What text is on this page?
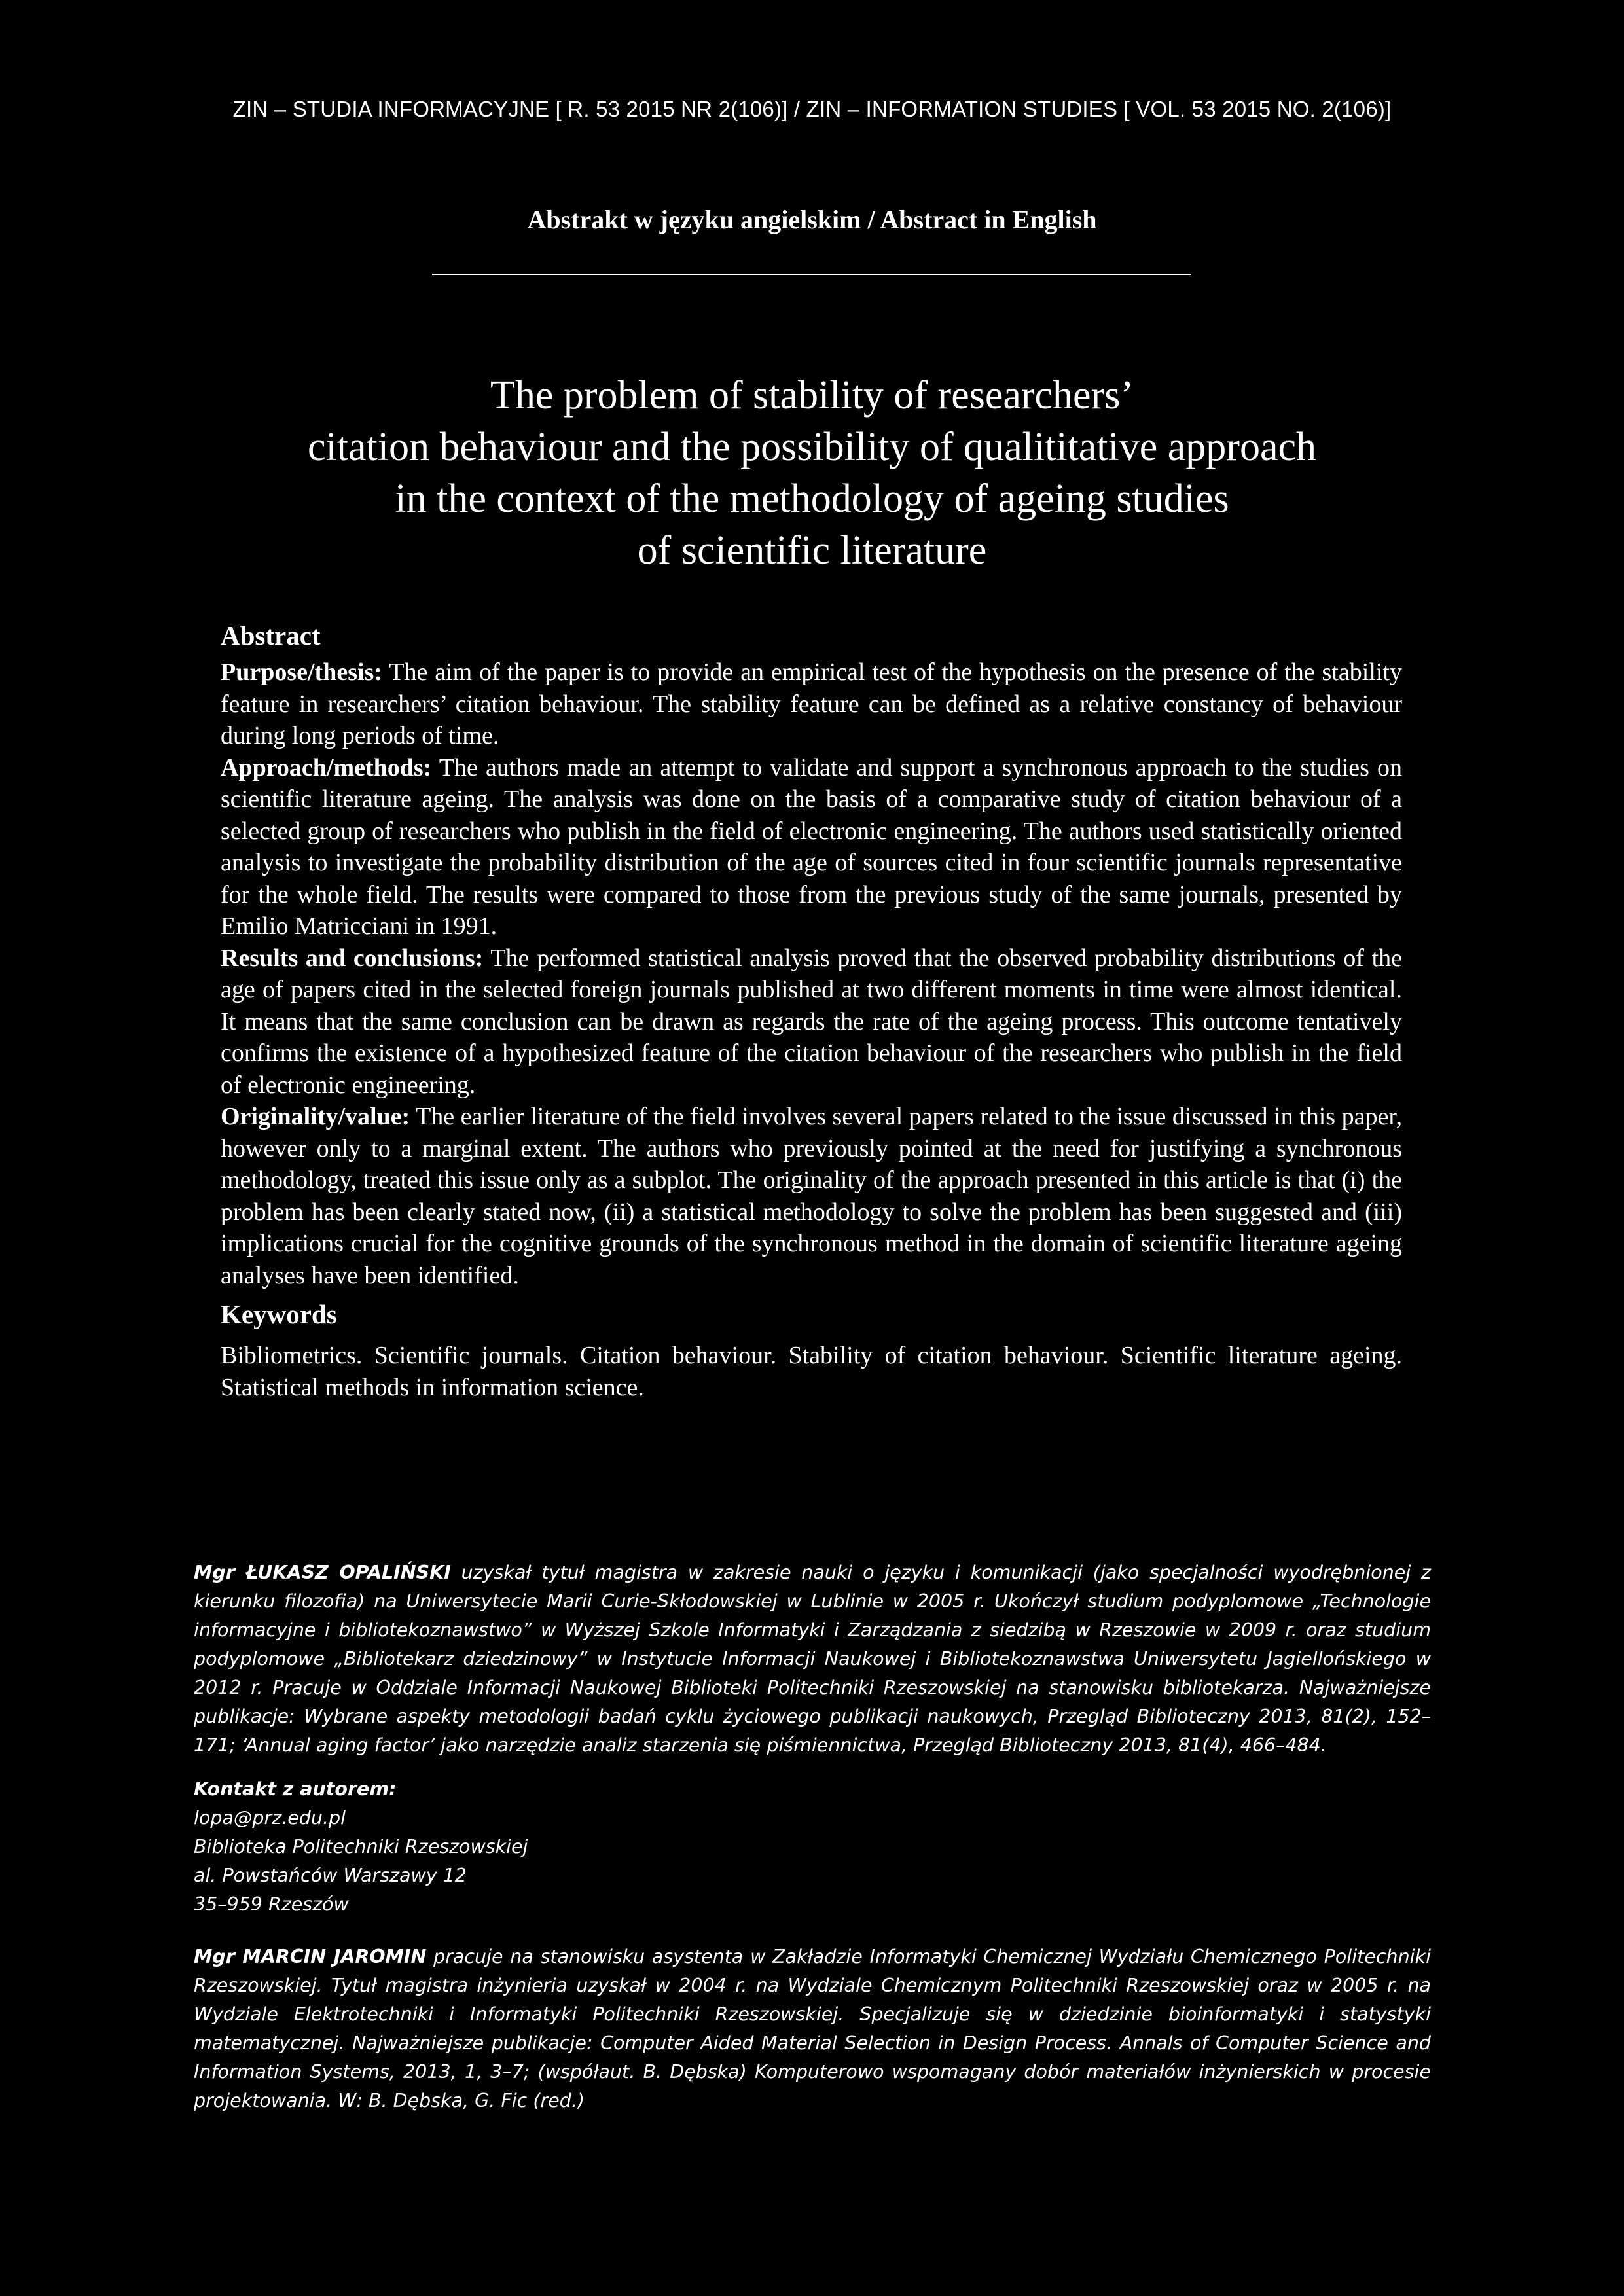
ZIN – STUDIA INFORMACYJNE [ R. 53 2015 NR 2(106)] / ZIN – INFORMATION STUDIES [ VOL. 53 2015 NO. 2(106)]
Abstrakt w języku angielskim / Abstract in English
The problem of stability of researchers’
citation behaviour and the possibility of qualititative approach
in the context of the methodology of ageing studies
of scientific literature
Abstract

Purpose/thesis: The aim of the paper is to provide an empirical test of the hypothesis on the presence of the stability feature in researchers’ citation behaviour. The stability feature can be defined as a relative constancy of behaviour during long periods of time.

Approach/methods: The authors made an attempt to validate and support a synchronous approach to the studies on scientific literature ageing. The analysis was done on the basis of a comparative study of citation behaviour of a selected group of researchers who publish in the field of electronic engineering. The authors used statistically oriented analysis to investigate the probability distribution of the age of sources cited in four scientific journals representative for the whole field. The results were compared to those from the previous study of the same journals, presented by Emilio Matricciani in 1991.

Results and conclusions: The performed statistical analysis proved that the observed probability distributions of the age of papers cited in the selected foreign journals published at two different moments in time were almost identical. It means that the same conclusion can be drawn as regards the rate of the ageing process. This outcome tentatively confirms the existence of a hypothesized feature of the citation behaviour of the researchers who publish in the field of electronic engineering.

Originality/value: The earlier literature of the field involves several papers related to the issue discussed in this paper, however only to a marginal extent. The authors who previously pointed at the need for justifying a synchronous methodology, treated this issue only as a subplot. The originality of the approach presented in this article is that (i) the problem has been clearly stated now, (ii) a statistical methodology to solve the problem has been suggested and (iii) implications crucial for the cognitive grounds of the synchronous method in the domain of scientific literature ageing analyses have been identified.

Keywords

Bibliometrics. Scientific journals. Citation behaviour. Stability of citation behaviour. Scientific literature ageing. Statistical methods in information science.

Mgr ŁUKASZ OPALIŃSKI uzyskał tytuł magistra w zakresie nauki o języku i komunikacji (jako specjalności wyodrębnionej z kierunku filozofia) na Uniwersytecie Marii Curie-Skłodowskiej w Lublinie w 2005 r. Ukończył studium podyplomowe „Technologie informacyjne i bibliotekoznawstwo” w Wyższej Szkole Informatyki i Zarządzania z siedzibą w Rzeszowie w 2009 r. oraz studium podyplomowe „Bibliotekarz dziedzinowy” w Instytucie Informacji Naukowej i Bibliotekoznawstwa Uniwersytetu Jagiellońskiego w 2012 r. Pracuje w Oddziale Informacji Naukowej Biblioteki Politechniki Rzeszowskiej na stanowisku bibliotekarza. Najważniejsze publikacje: Wybrane aspekty metodologii badań cyklu życiowego publikacji naukowych, Przegląd Biblioteczny 2013, 81(2), 152–171; ‘Annual aging factor’ jako narzędzie analiz starzenia się piśmiennictwa, Przegląd Biblioteczny 2013, 81(4), 466–484.
Kontakt z autorem:
lopa@prz.edu.pl
Biblioteka Politechniki Rzeszowskiej
al. Powstańców Warszawy 12
35–959 Rzeszów
Mgr MARCIN JAROMIN pracuje na stanowisku asystenta w Zakładzie Informatyki Chemicznej Wydziału Chemicznego Politechniki Rzeszowskiej. Tytuł magistra inżynieria uzyskał w 2004 r. na Wydziale Chemicznym Politechniki Rzeszowskiej oraz w 2005 r. na Wydziale Elektrotechniki i Informatyki Politechniki Rzeszowskiej. Specjalizuje się w dziedzinie bioinformatyki i statystyki matematycznej. Najważniejsze publikacje: Computer Aided Material Selection in Design Process. Annals of Computer Science and Information Systems, 2013, 1, 3–7; (współaut. B. Dębska) Komputerowo wspomagany dobór materiałów inżynierskich w procesie projektowania. W: B. Dębska, G. Fic (red.)
